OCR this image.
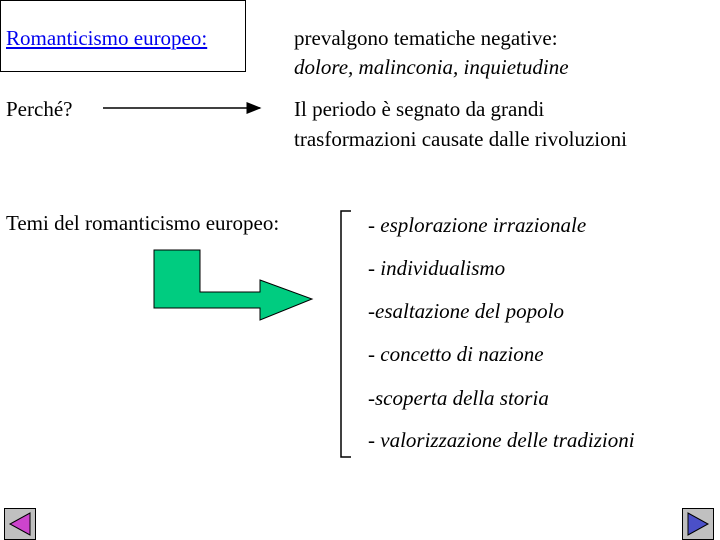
Romanticismo europeo:	prevalgono tematiche negative:
dolore, malinconia, inquietudine
Perché?	Il periodo è segnato da grandi
trasformazioni causate dalle rivoluzioni
Temi del romanticismo europeo:	- esplorazione irrazionale
- individualismo
-esaltazione del popolo
- concetto di nazione
-scoperta della storia
- valorizzazione delle tradizioni
